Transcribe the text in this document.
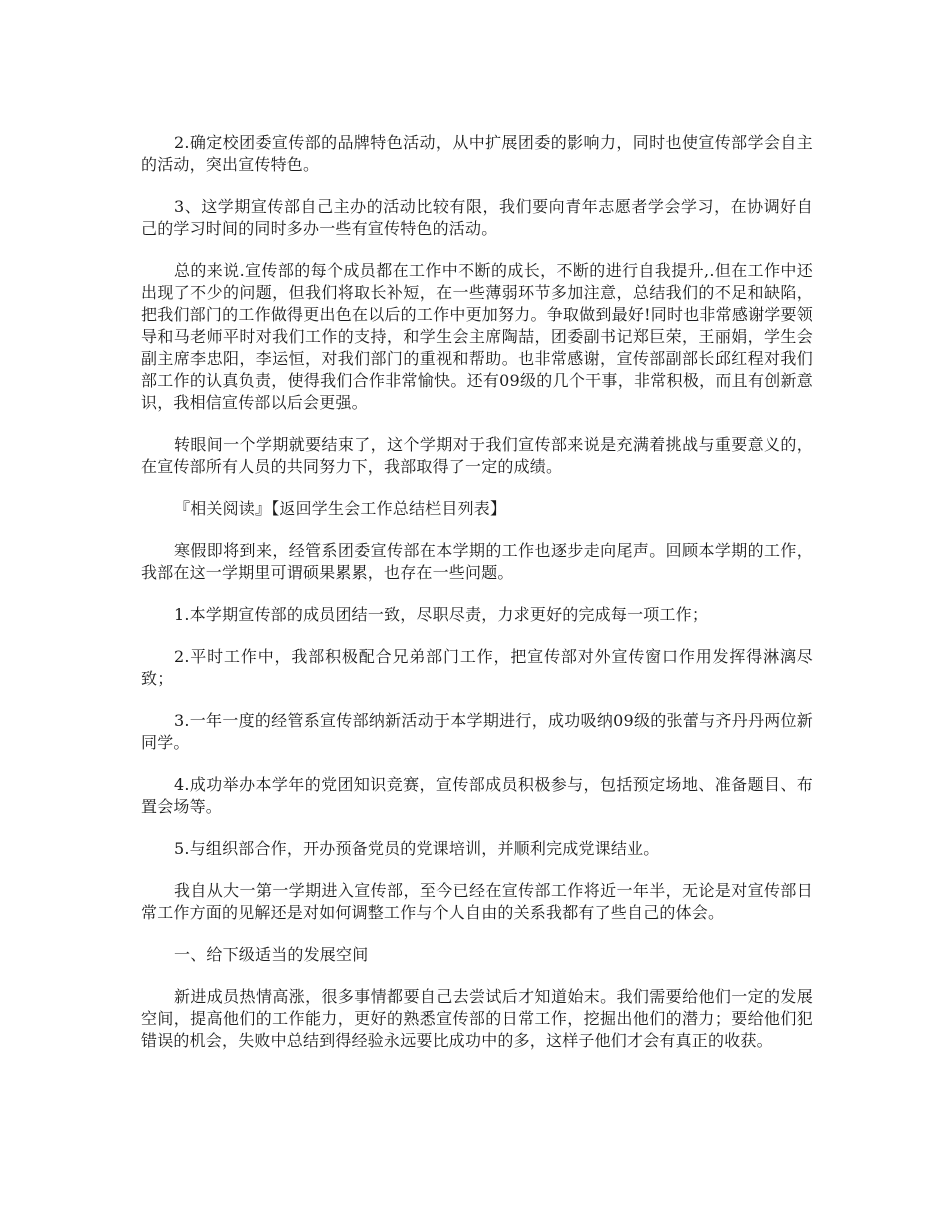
2.确定校团委宣传部的品牌特色活动，从中扩展团委的影响力，同时也使宣传部学会自主的活动，突出宣传特色。

3、这学期宣传部自己主办的活动比较有限，我们要向青年志愿者学会学习，在协调好自己的学习时间的同时多办一些有宣传特色的活动。

总的来说.宣传部的每个成员都在工作中不断的成长，不断的进行自我提升,.但在工作中还出现了不少的问题，但我们将取长补短，在一些薄弱环节多加注意，总结我们的不足和缺陷，把我们部门的工作做得更出色在以后的工作中更加努力。争取做到最好!同时也非常感谢学要领导和马老师平时对我们工作的支持，和学生会主席陶喆，团委副书记郑巨荣，王丽娟，学生会副主席李忠阳，李运恒，对我们部门的重视和帮助。也非常感谢，宣传部副部长邱红程对我们部工作的认真负责，使得我们合作非常愉快。还有09级的几个干事，非常积极，而且有创新意识，我相信宣传部以后会更强。

转眼间一个学期就要结束了，这个学期对于我们宣传部来说是充满着挑战与重要意义的，在宣传部所有人员的共同努力下，我部取得了一定的成绩。

『相关阅读』【返回学生会工作总结栏目列表】

寒假即将到来，经管系团委宣传部在本学期的工作也逐步走向尾声。回顾本学期的工作，我部在这一学期里可谓硕果累累，也存在一些问题。

1.本学期宣传部的成员团结一致，尽职尽责，力求更好的完成每一项工作；

2.平时工作中，我部积极配合兄弟部门工作，把宣传部对外宣传窗口作用发挥得淋漓尽致；

3.一年一度的经管系宣传部纳新活动于本学期进行，成功吸纳09级的张蕾与齐丹丹两位新同学。

4.成功举办本学年的党团知识竞赛，宣传部成员积极参与，包括预定场地、准备题目、布置会场等。

5.与组织部合作，开办预备党员的党课培训，并顺利完成党课结业。

我自从大一第一学期进入宣传部，至今已经在宣传部工作将近一年半，无论是对宣传部日常工作方面的见解还是对如何调整工作与个人自由的关系我都有了些自己的体会。

一、给下级适当的发展空间

新进成员热情高涨，很多事情都要自己去尝试后才知道始末。我们需要给他们一定的发展空间，提高他们的工作能力，更好的熟悉宣传部的日常工作，挖掘出他们的潜力；要给他们犯错误的机会，失败中总结到得经验永远要比成功中的多，这样子他们才会有真正的收获。
